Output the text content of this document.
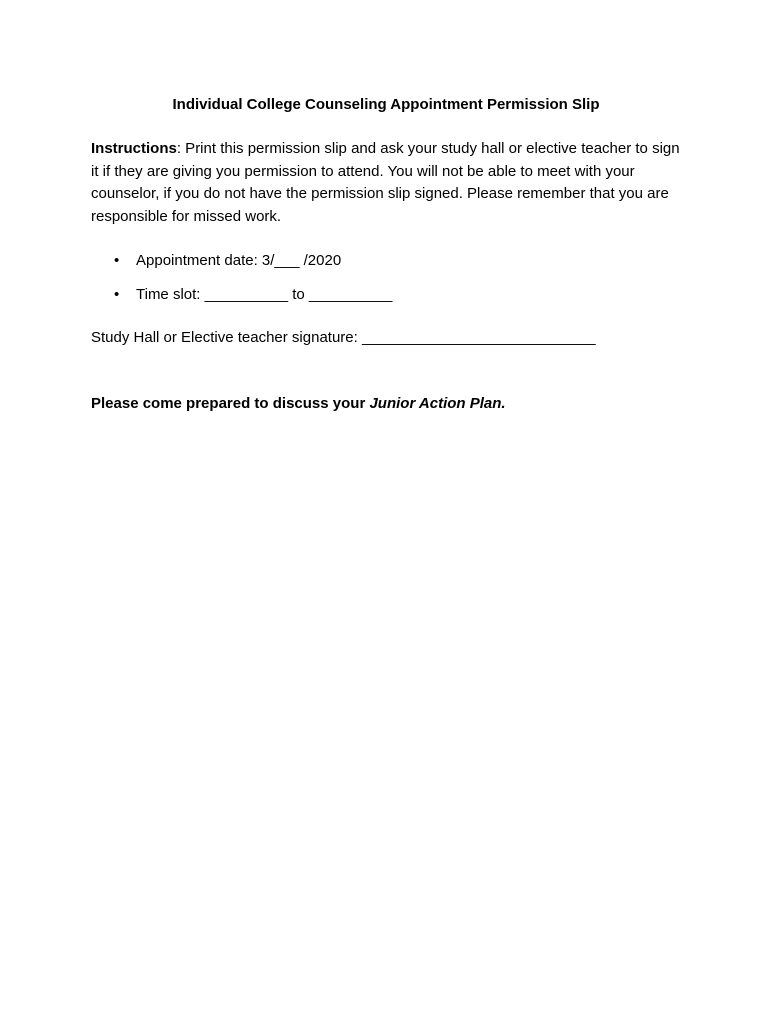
Individual College Counseling Appointment Permission Slip

Instructions: Print this permission slip and ask your study hall or elective teacher to sign it if they are giving you permission to attend. You will not be able to meet with your counselor, if you do not have the permission slip signed. Please remember that you are responsible for missed work.
• Appointment date: 3/___ /2020
• Time slot: __________ to __________
Study Hall or Elective teacher signature: ____________________________
Please come prepared to discuss your Junior Action Plan.
